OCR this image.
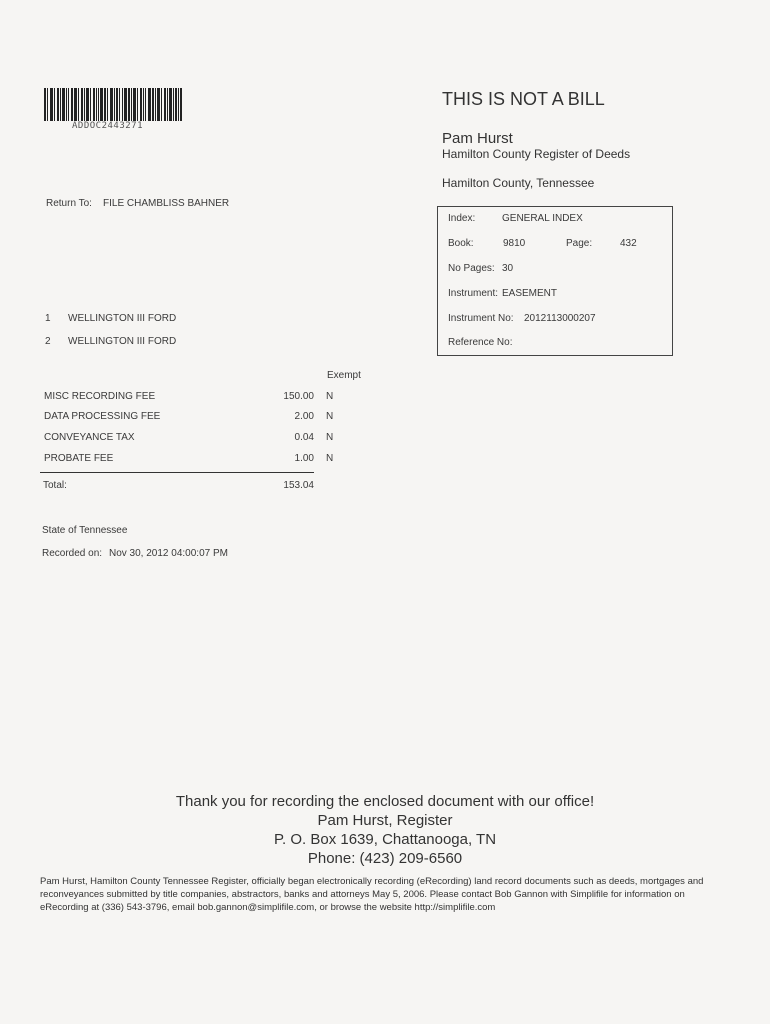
ADDOC2443271
THIS IS NOT A BILL
Pam Hurst
Hamilton County Register of Deeds
Hamilton County, Tennessee
Return To: FILE CHAMBLISS BAHNER
1 WELLINGTON III FORD
2 WELLINGTON III FORD
Index:	GENERAL INDEX
Book:	9810	Page:	432
No Pages: 30
Instrument: EASEMENT
Instrument No: 2012113000207
Reference No:
Exempt
MISC RECORDING FEE	150.00 N
DATA PROCESSING FEE	2.00 N
CONVEYANCE TAX	0.04 N
PROBATE FEE	1.00 N
Total:	153.04
State of Tennessee
Recorded on: Nov 30, 2012 04:00:07 PM
Thank you for recording the enclosed document with our office!
Pam Hurst, Register
P. O. Box 1639, Chattanooga, TN
Phone: (423) 209-6560
Pam Hurst, Hamilton County Tennessee Register, officially began electronically recording (eRecording) land record documents such as deeds, mortgages and reconveyances submitted by title companies, abstractors, banks and attorneys May 5, 2006. Please contact Bob Gannon with Simplifile for information on eRecording at (336) 543-3796, email bob.gannon@simplifile.com, or browse the website http://simplifile.com
